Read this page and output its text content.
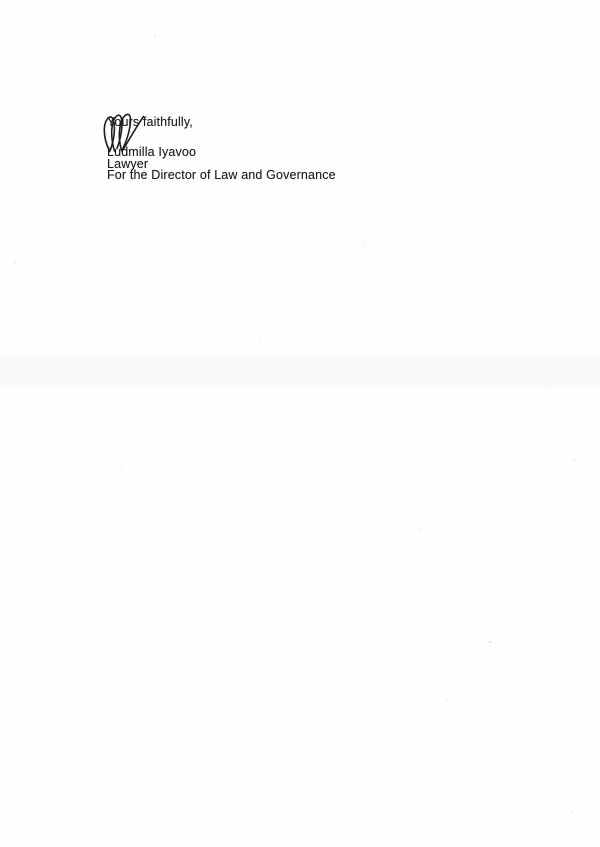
Yours faithfully,

Ludmilla Iyavoo

Lawyer

For the Director of Law and Governance
